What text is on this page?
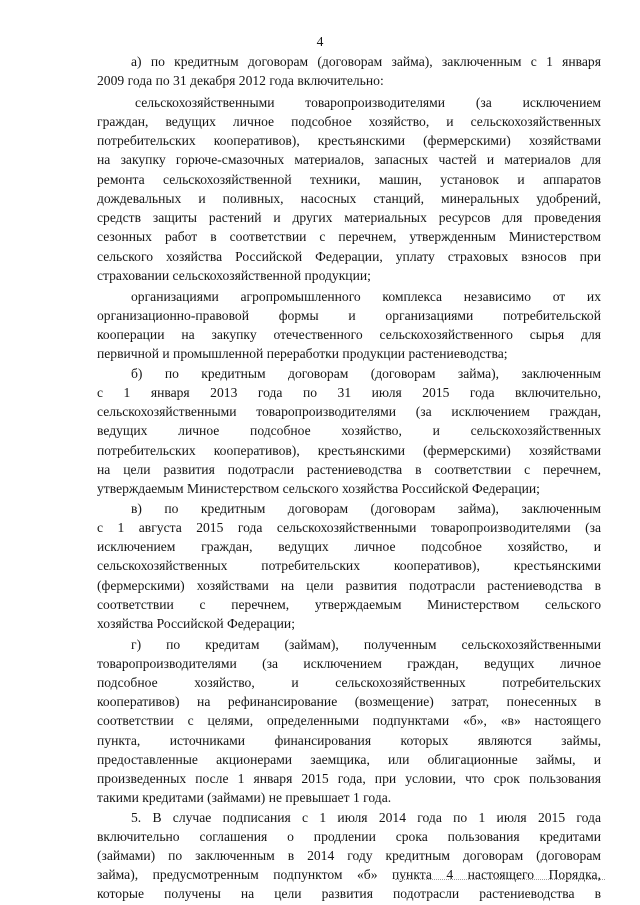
4
а) по кредитным договорам (договорам займа), заключенным с 1 января
2009 года по 31 декабря 2012 года включительно:
сельскохозяйственными товаропроизводителями (за исключением
граждан, ведущих личное подсобное хозяйство, и сельскохозяйственных
потребительских кооперативов), крестьянскими (фермерскими) хозяйствами
на закупку горюче-смазочных материалов, запасных частей и материалов для
ремонта сельскохозяйственной техники, машин, установок и аппаратов
дождевальных и поливных, насосных станций, минеральных удобрений,
средств защиты растений и других материальных ресурсов для проведения
сезонных работ в соответствии с перечнем, утвержденным Министерством
сельского хозяйства Российской Федерации, уплату страховых взносов при
страховании сельскохозяйственной продукции;
организациями агропромышленного комплекса независимо от их
организационно-правовой формы и организациями потребительской
кооперации на закупку отечественного сельскохозяйственного сырья для
первичной и промышленной переработки продукции растениеводства;
б) по кредитным договорам (договорам займа), заключенным
с 1 января 2013 года по 31 июля 2015 года включительно,
сельскохозяйственными товаропроизводителями (за исключением граждан,
ведущих личное подсобное хозяйство, и сельскохозяйственных
потребительских кооперативов), крестьянскими (фермерскими) хозяйствами
на цели развития подотрасли растениеводства в соответствии с перечнем,
утверждаемым Министерством сельского хозяйства Российской Федерации;
в) по кредитным договорам (договорам займа), заключенным
с 1 августа 2015 года сельскохозяйственными товаропроизводителями (за
исключением граждан, ведущих личное подсобное хозяйство, и
сельскохозяйственных потребительских кооперативов), крестьянскими
(фермерскими) хозяйствами на цели развития подотрасли растениеводства в
соответствии с перечнем, утверждаемым Министерством сельского
хозяйства Российской Федерации;
г) по кредитам (займам), полученным сельскохозяйственными
товаропроизводителями (за исключением граждан, ведущих личное
подсобное хозяйство, и сельскохозяйственных потребительских
кооперативов) на рефинансирование (возмещение) затрат, понесенных в
соответствии с целями, определенными подпунктами «б», «в» настоящего
пункта, источниками финансирования которых являются займы,
предоставленные акционерами заемщика, или облигационные займы, и
произведенных после 1 января 2015 года, при условии, что срок пользования
такими кредитами (займами) не превышает 1 года.
5. В случае подписания с 1 июля 2014 года по 1 июля 2015 года
включительно соглашения о продлении срока пользования кредитами
(займами) по заключенным в 2014 году кредитным договорам (договорам
займа), предусмотренным подпунктом «б» пункта 4 настоящего Порядка,
которые получены на цели развития подотрасли растениеводства в
